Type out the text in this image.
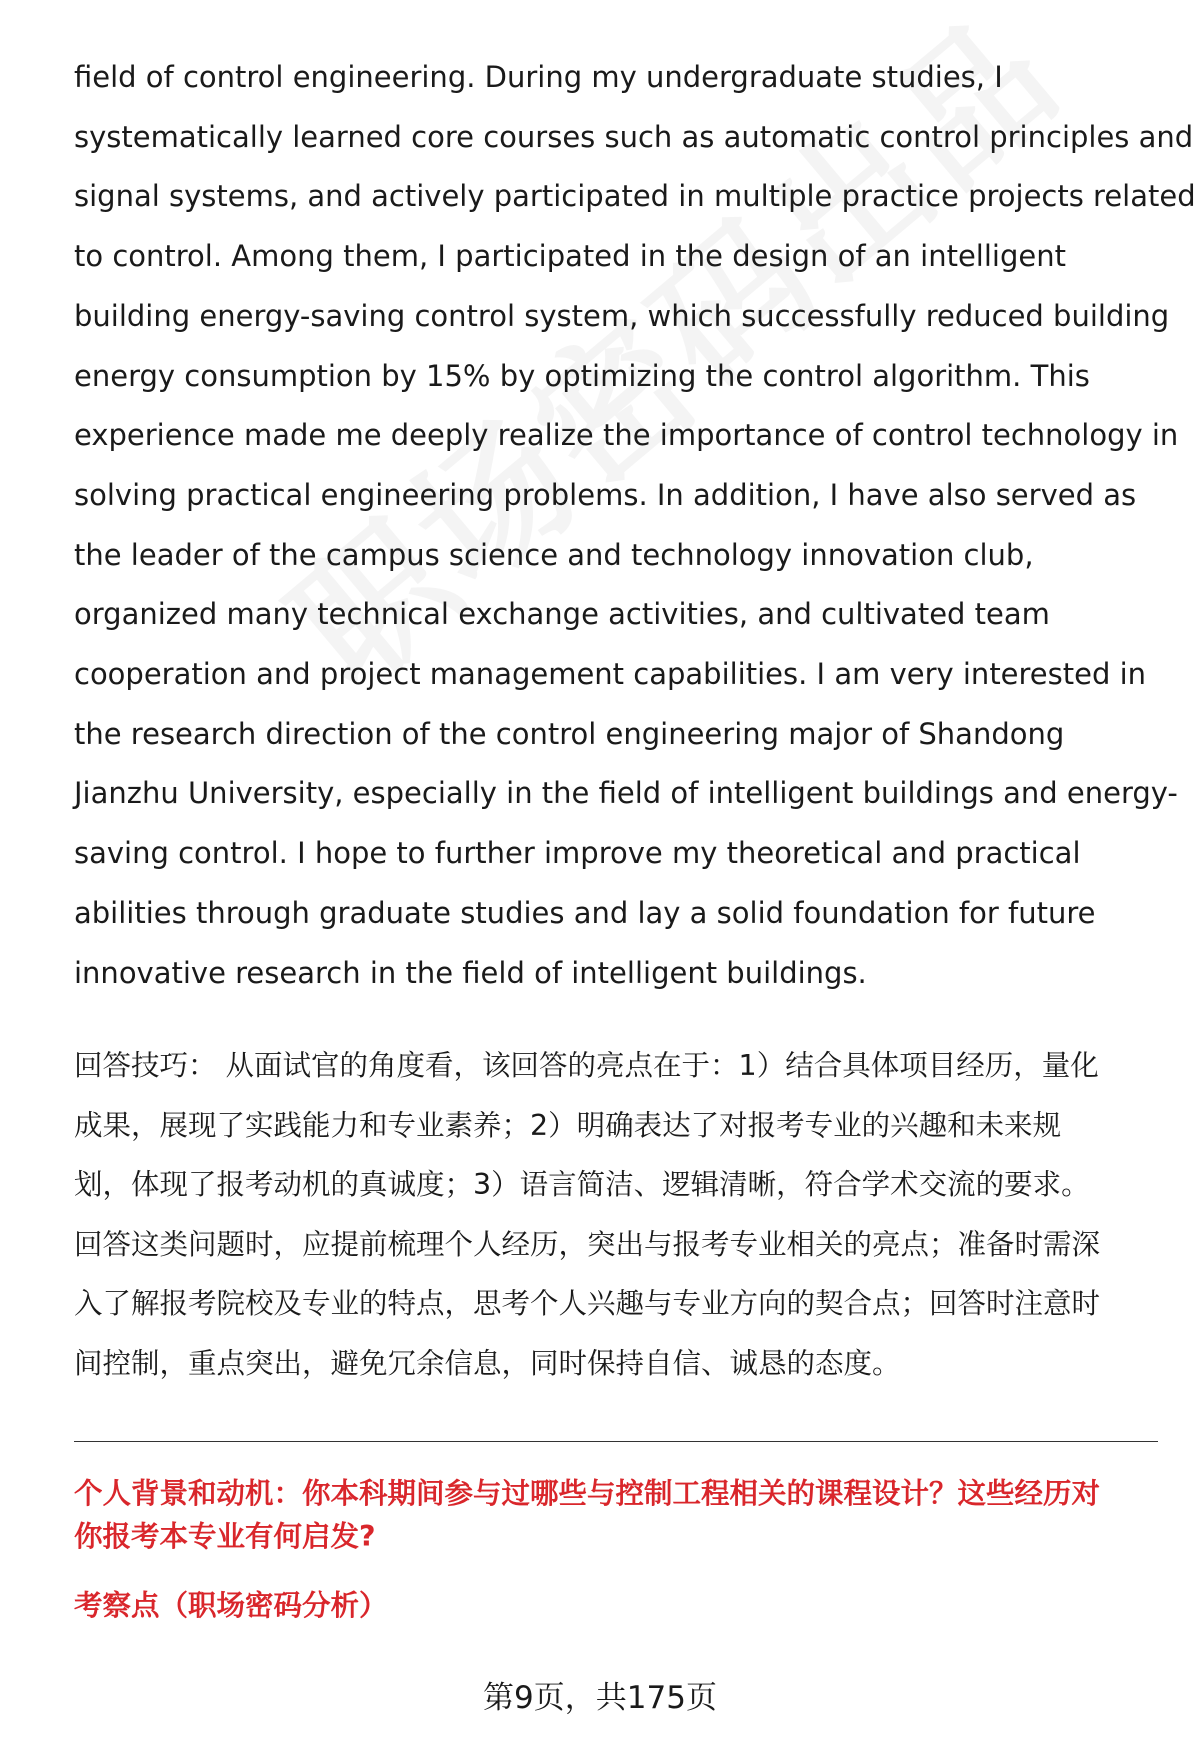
field of control engineering. During my undergraduate studies, I
systematically learned core courses such as automatic control principles and
signal systems, and actively participated in multiple practice projects related
to control. Among them, I participated in the design of an intelligent
building energy-saving control system, which successfully reduced building
energy consumption by 15% by optimizing the control algorithm. This
experience made me deeply realize the importance of control technology in
solving practical engineering problems. In addition, I have also served as
the leader of the campus science and technology innovation club,
organized many technical exchange activities, and cultivated team
cooperation and project management capabilities. I am very interested in
the research direction of the control engineering major of Shandong
Jianzhu University, especially in the field of intelligent buildings and energy-
saving control. I hope to further improve my theoretical and practical
abilities through graduate studies and lay a solid foundation for future
innovative research in the field of intelligent buildings.

回答技巧： 从面试官的角度看，该回答的亮点在于：1）结合具体项目经历，量化
成果，展现了实践能力和专业素养；2）明确表达了对报考专业的兴趣和未来规
划，体现了报考动机的真诚度；3）语言简洁、逻辑清晰，符合学术交流的要求。
回答这类问题时，应提前梳理个人经历，突出与报考专业相关的亮点；准备时需深
入了解报考院校及专业的特点，思考个人兴趣与专业方向的契合点；回答时注意时
间控制，重点突出，避免冗余信息，同时保持自信、诚恳的态度。

个人背景和动机：你本科期间参与过哪些与控制工程相关的课程设计？这些经历对
你报考本专业有何启发?

考察点（职场密码分析）

第9页，共175页
